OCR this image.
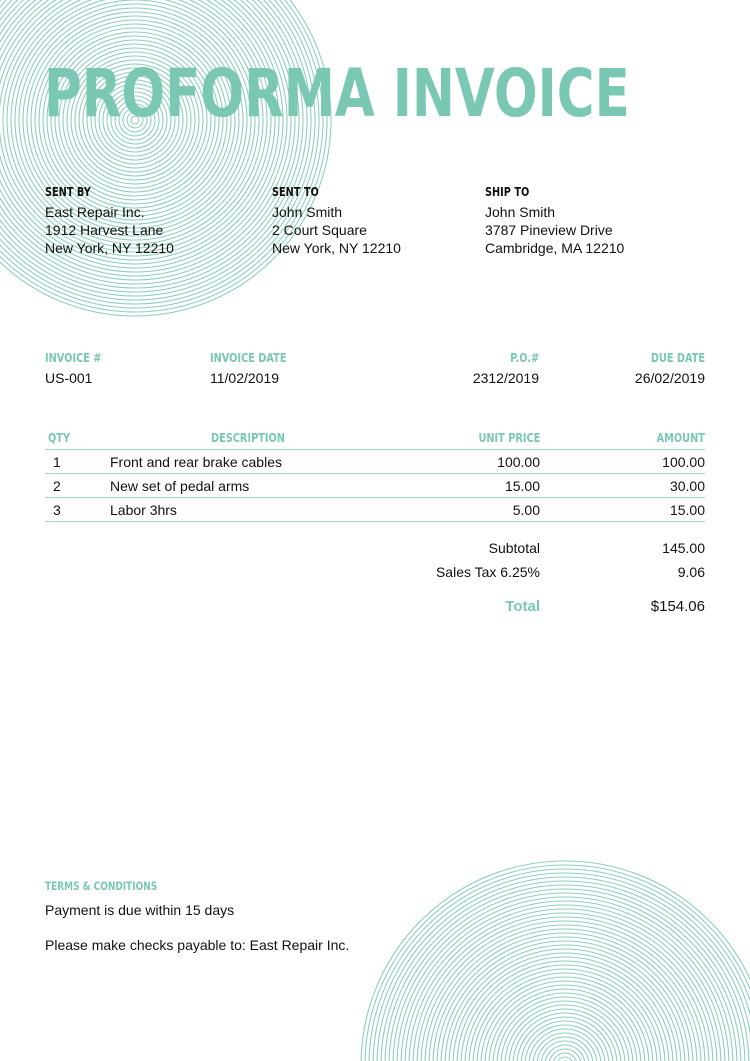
PROFORMA INVOICE
SENT BY
East Repair Inc.
1912 Harvest Lane
New York, NY 12210
SENT TO
John Smith
2 Court Square
New York, NY 12210
SHIP TO
John Smith
3787 Pineview Drive
Cambridge, MA 12210
INVOICE #
US-001
INVOICE DATE
11/02/2019
P.O.#
2312/2019
DUE DATE
26/02/2019
QTY	DESCRIPTION	UNIT PRICE	AMOUNT
1	Front and rear brake cables	100.00	100.00
2	New set of pedal arms	15.00	30.00
3	Labor 3hrs	5.00	15.00
Subtotal	145.00
Sales Tax 6.25%	9.06
Total	$154.06
TERMS & CONDITIONS
Payment is due within 15 days
Please make checks payable to: East Repair Inc.
